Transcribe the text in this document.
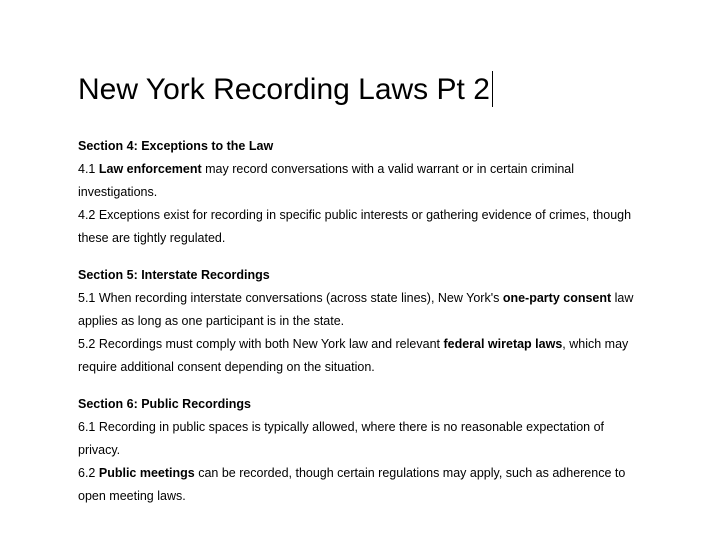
New York Recording Laws Pt 2

Section 4: Exceptions to the Law

4.1 Law enforcement may record conversations with a valid warrant or in certain criminal investigations.

4.2 Exceptions exist for recording in specific public interests or gathering evidence of crimes, though these are tightly regulated.

Section 5: Interstate Recordings

5.1 When recording interstate conversations (across state lines), New York's one-party consent law applies as long as one participant is in the state.

5.2 Recordings must comply with both New York law and relevant federal wiretap laws, which may require additional consent depending on the situation.

Section 6: Public Recordings

6.1 Recording in public spaces is typically allowed, where there is no reasonable expectation of privacy.

6.2 Public meetings can be recorded, though certain regulations may apply, such as adherence to open meeting laws.
